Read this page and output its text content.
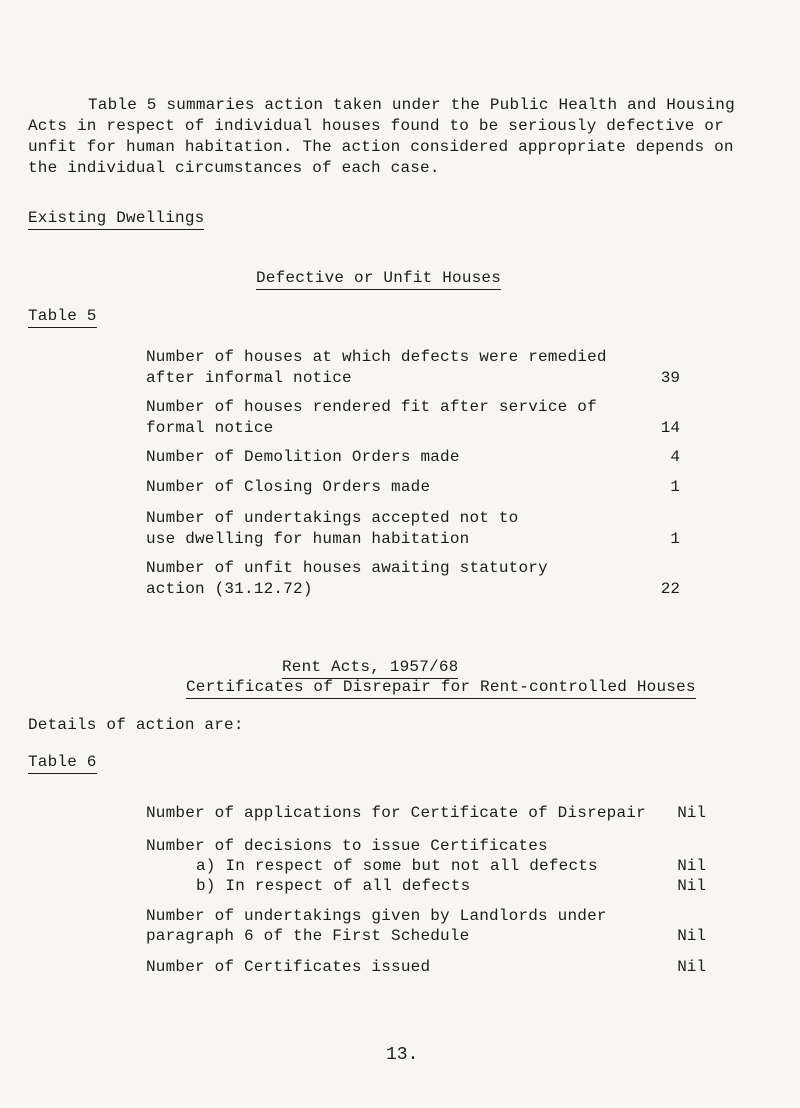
Table 5 summaries action taken under the Public Health and Housing
Acts in respect of individual houses found to be seriously defective or
unfit for human habitation. The action considered appropriate depends on
the individual circumstances of each case.
Existing Dwellings
Defective or Unfit Houses
Table 5
Number of houses at which defects were remedied
after informal notice	39
Number of houses rendered fit after service of
formal notice	14
Number of Demolition Orders made	4
Number of Closing Orders made	1
Number of undertakings accepted not to
use dwelling for human habitation	1
Number of unfit houses awaiting statutory
action (31.12.72)	22
Rent Acts, 1957/68
Certificates of Disrepair for Rent-controlled Houses
Details of action are:
Table 6
Number of applications for Certificate of Disrepair	Nil
Number of decisions to issue Certificates
a) In respect of some but not all defects	Nil
b) In respect of all defects	Nil
Number of undertakings given by Landlords under
paragraph 6 of the First Schedule	Nil
Number of Certificates issued	Nil
13.
